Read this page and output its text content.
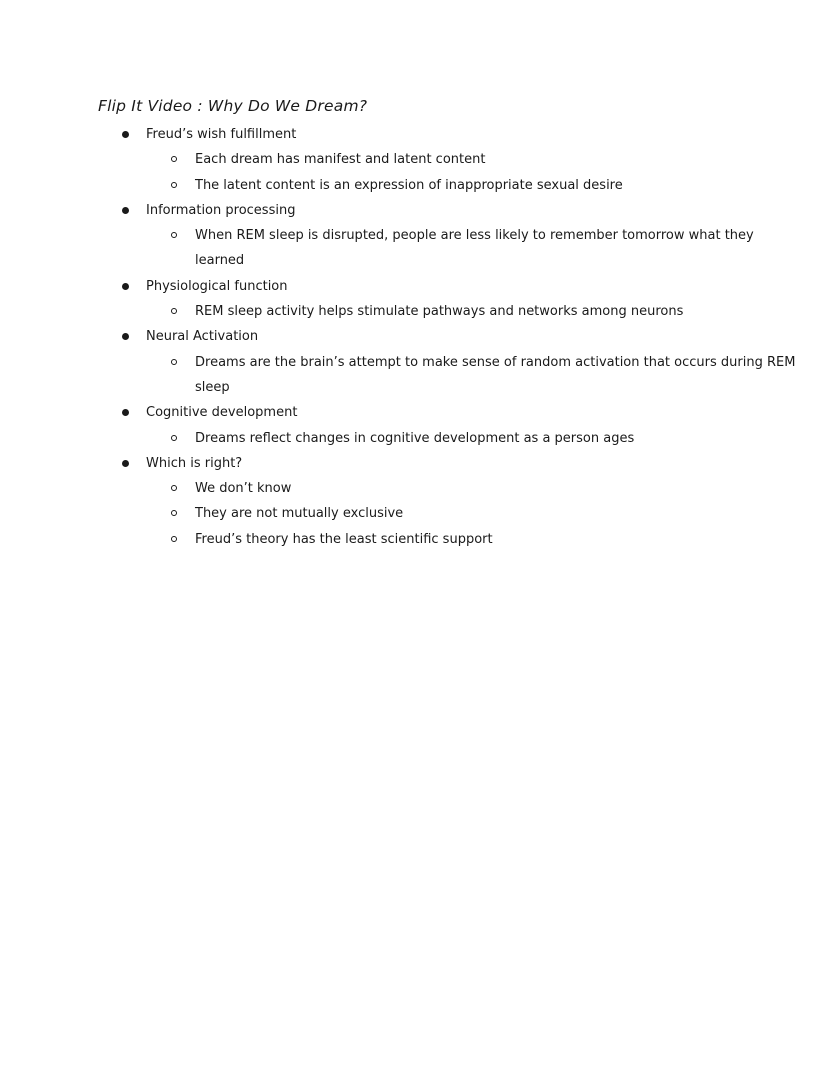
Flip It Video : Why Do We Dream?
Freud’s wish fulfillment
Each dream has manifest and latent content
The latent content is an expression of inappropriate sexual desire
Information processing
When REM sleep is disrupted, people are less likely to remember tomorrow what they
learned
Physiological function
REM sleep activity helps stimulate pathways and networks among neurons
Neural Activation
Dreams are the brain’s attempt to make sense of random activation that occurs during REM
sleep
Cognitive development
Dreams reflect changes in cognitive development as a person ages
Which is right?
We don’t know
They are not mutually exclusive
Freud’s theory has the least scientific support
